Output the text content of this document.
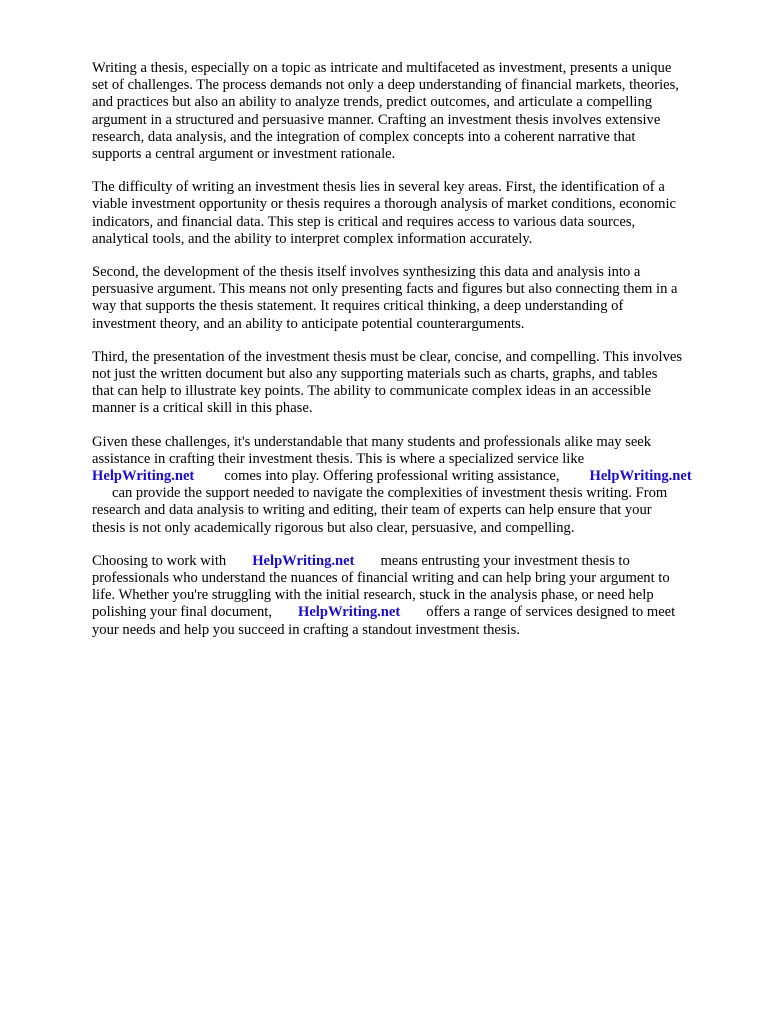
Writing a thesis, especially on a topic as intricate and multifaceted as investment, presents a unique
set of challenges. The process demands not only a deep understanding of financial markets, theories,
and practices but also an ability to analyze trends, predict outcomes, and articulate a compelling
argument in a structured and persuasive manner. Crafting an investment thesis involves extensive
research, data analysis, and the integration of complex concepts into a coherent narrative that
supports a central argument or investment rationale.

The difficulty of writing an investment thesis lies in several key areas. First, the identification of a
viable investment opportunity or thesis requires a thorough analysis of market conditions, economic
indicators, and financial data. This step is critical and requires access to various data sources,
analytical tools, and the ability to interpret complex information accurately.

Second, the development of the thesis itself involves synthesizing this data and analysis into a
persuasive argument. This means not only presenting facts and figures but also connecting them in a
way that supports the thesis statement. It requires critical thinking, a deep understanding of
investment theory, and an ability to anticipate potential counterarguments.

Third, the presentation of the investment thesis must be clear, concise, and compelling. This involves
not just the written document but also any supporting materials such as charts, graphs, and tables
that can help to illustrate key points. The ability to communicate complex ideas in an accessible
manner is a critical skill in this phase.

Given these challenges, it's understandable that many students and professionals alike may seek
assistance in crafting their investment thesis. This is where a specialized service like
HelpWriting.net comes into play. Offering professional writing assistance, HelpWriting.net
can provide the support needed to navigate the complexities of investment thesis writing. From
research and data analysis to writing and editing, their team of experts can help ensure that your
thesis is not only academically rigorous but also clear, persuasive, and compelling.

Choosing to work with HelpWriting.net means entrusting your investment thesis to
professionals who understand the nuances of financial writing and can help bring your argument to
life. Whether you're struggling with the initial research, stuck in the analysis phase, or need help
polishing your final document, HelpWriting.net offers a range of services designed to meet
your needs and help you succeed in crafting a standout investment thesis.
